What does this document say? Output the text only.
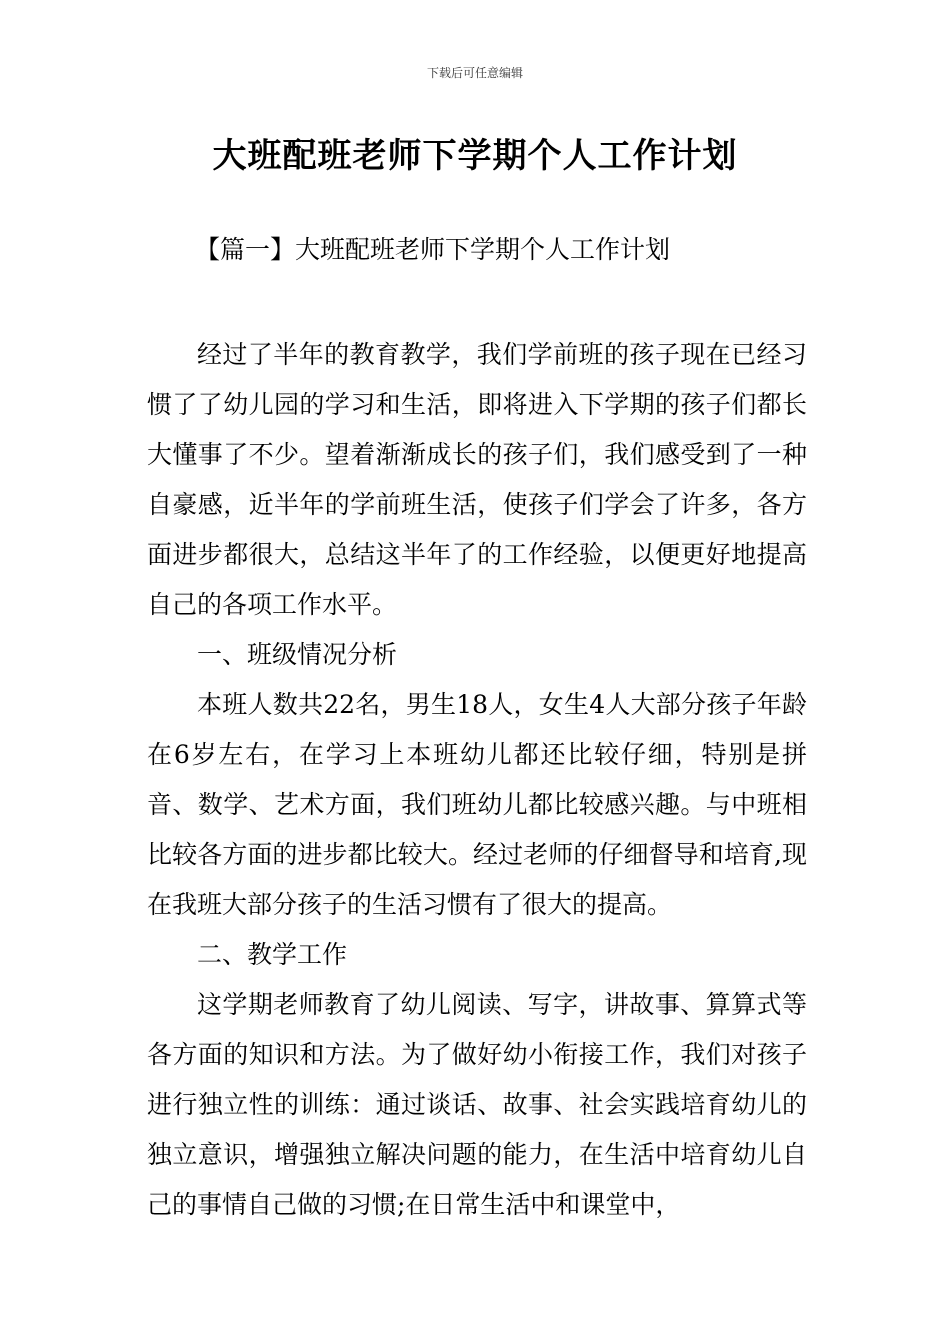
下载后可任意编辑
大班配班老师下学期个人工作计划
【篇一】大班配班老师下学期个人工作计划

经过了半年的教育教学，我们学前班的孩子现在已经习惯了了幼儿园的学习和生活，即将进入下学期的孩子们都长大懂事了不少。望着渐渐成长的孩子们，我们感受到了一种自豪感，近半年的学前班生活，使孩子们学会了许多，各方面进步都很大，总结这半年了的工作经验，以便更好地提高自己的各项工作水平。

一、班级情况分析

本班人数共22名，男生18人，女生4人大部分孩子年龄在6岁左右，在学习上本班幼儿都还比较仔细，特别是拼音、数学、艺术方面，我们班幼儿都比较感兴趣。与中班相比较各方面的进步都比较大。经过老师的仔细督导和培育,现在我班大部分孩子的生活习惯有了很大的提高。

二、教学工作

这学期老师教育了幼儿阅读、写字，讲故事、算算式等各方面的知识和方法。为了做好幼小衔接工作，我们对孩子进行独立性的训练：通过谈话、故事、社会实践培育幼儿的独立意识，增强独立解决问题的能力，在生活中培育幼儿自己的事情自己做的习惯;在日常生活中和课堂中，
